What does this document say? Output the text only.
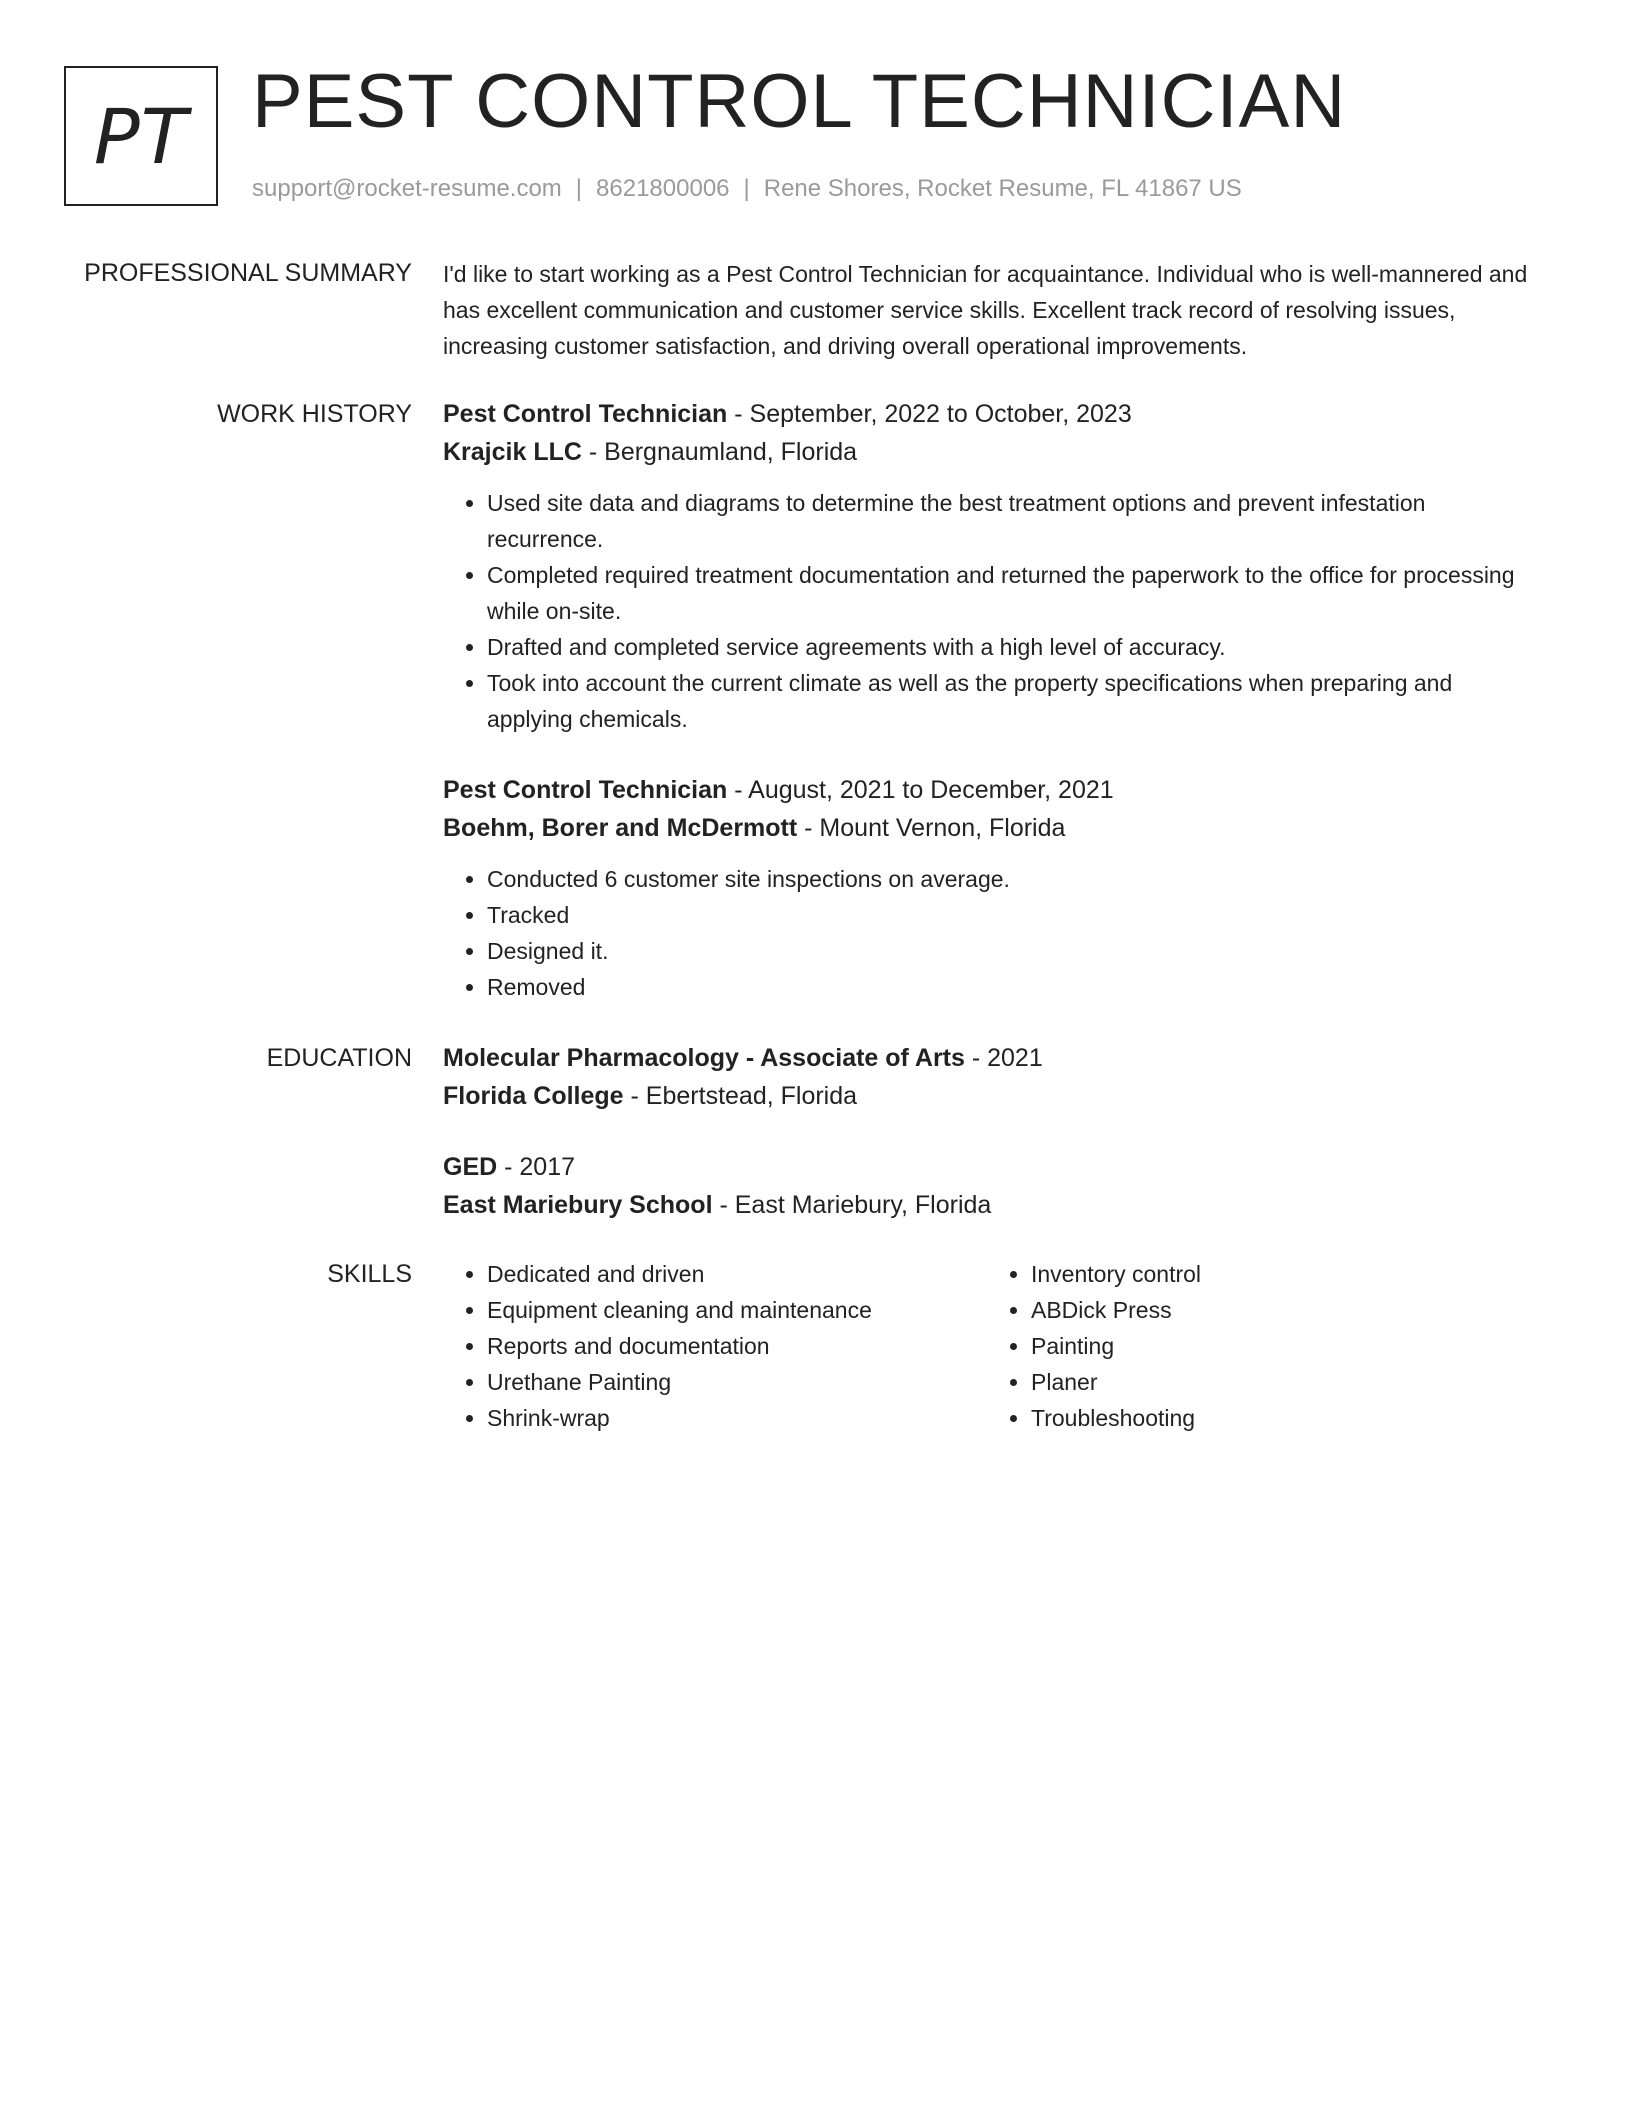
PT PEST CONTROL TECHNICIAN
support@rocket-resume.com | 8621800006 | Rene Shores, Rocket Resume, FL 41867 US
PROFESSIONAL SUMMARY I'd like to start working as a Pest Control Technician for acquaintance. Individual who is well-mannered and has excellent communication and customer service skills. Excellent track record of resolving issues, increasing customer satisfaction, and driving overall operational improvements.

WORK HISTORY Pest Control Technician - September, 2022 to October, 2023
Krajcik LLC - Bergnaumland, Florida
• Used site data and diagrams to determine the best treatment options and prevent infestation recurrence.
• Completed required treatment documentation and returned the paperwork to the office for processing while on-site.
• Drafted and completed service agreements with a high level of accuracy.
• Took into account the current climate as well as the property specifications when preparing and applying chemicals.
Pest Control Technician - August, 2021 to December, 2021
Boehm, Borer and McDermott - Mount Vernon, Florida
• Conducted 6 customer site inspections on average.
• Tracked
• Designed it.
• Removed
EDUCATION Molecular Pharmacology - Associate of Arts - 2021
Florida College - Ebertstead, Florida
GED - 2017
East Mariebury School - East Mariebury, Florida
SKILLS
•	Dedicated and driven
• Equipment cleaning and maintenance
• Reports and documentation
• Urethane Painting
• Shrink-wrap
• Inventory control
• ABDick Press
• Painting
• Planer
• Troubleshooting
